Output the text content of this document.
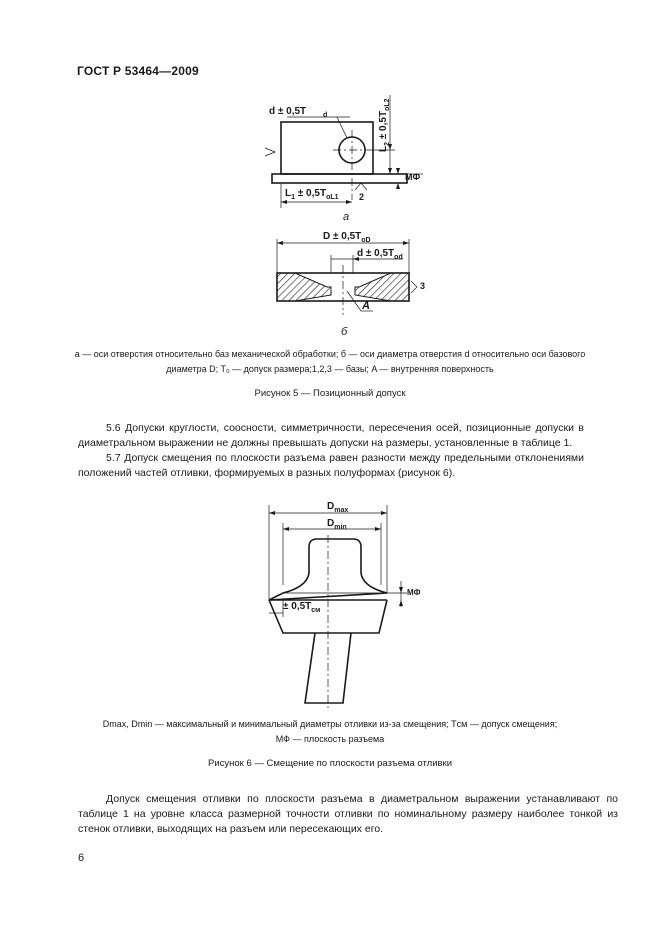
ГОСТ Р 53464—2009
d ± 0,5T d
$L_2 \pm 0,5T_{oL2}$
МФ
$L_1 \pm 0,5T_{oL1}$ 2
а
$D \pm 0,5T_{oD}$
$d \pm 0,5T_{od}$
A
3
б
а — оси отверстия относительно баз механической обработки; б — оси диаметра отверстия d относительно оси базового
диаметра D; T₀ — допуск размера;1,2,3 — базы; A — внутренняя поверхность
Рисунок 5 — Позиционный допуск
5.6 Допуски круглости, соосности, симметричности, пересечения осей, позиционные допуски в диаметральном выражении не должны превышать допуски на размеры, установленные в таблице 1.
5.7 Допуск смещения по плоскости разъема равен разности между предельными отклонениями положений частей отливки, формируемых в разных полуформах (рисунок 6).
$D_{max}$
$D_{min}$
± $0,5T_{см}$
МФ
Dmax, Dmin — максимальный и минимальный диаметры отливки из-за смещения; Tсм — допуск смещения;
МФ — плоскость разъема
Рисунок 6 — Смещение по плоскости разъема отливки
Допуск смещения отливки по плоскости разъема в диаметральном выражении устанавливают по таблице 1 на уровне класса размерной точности отливки по номинальному размеру наиболее тонкой из стенок отливки, выходящих на разъем или пересекающих его.
6
